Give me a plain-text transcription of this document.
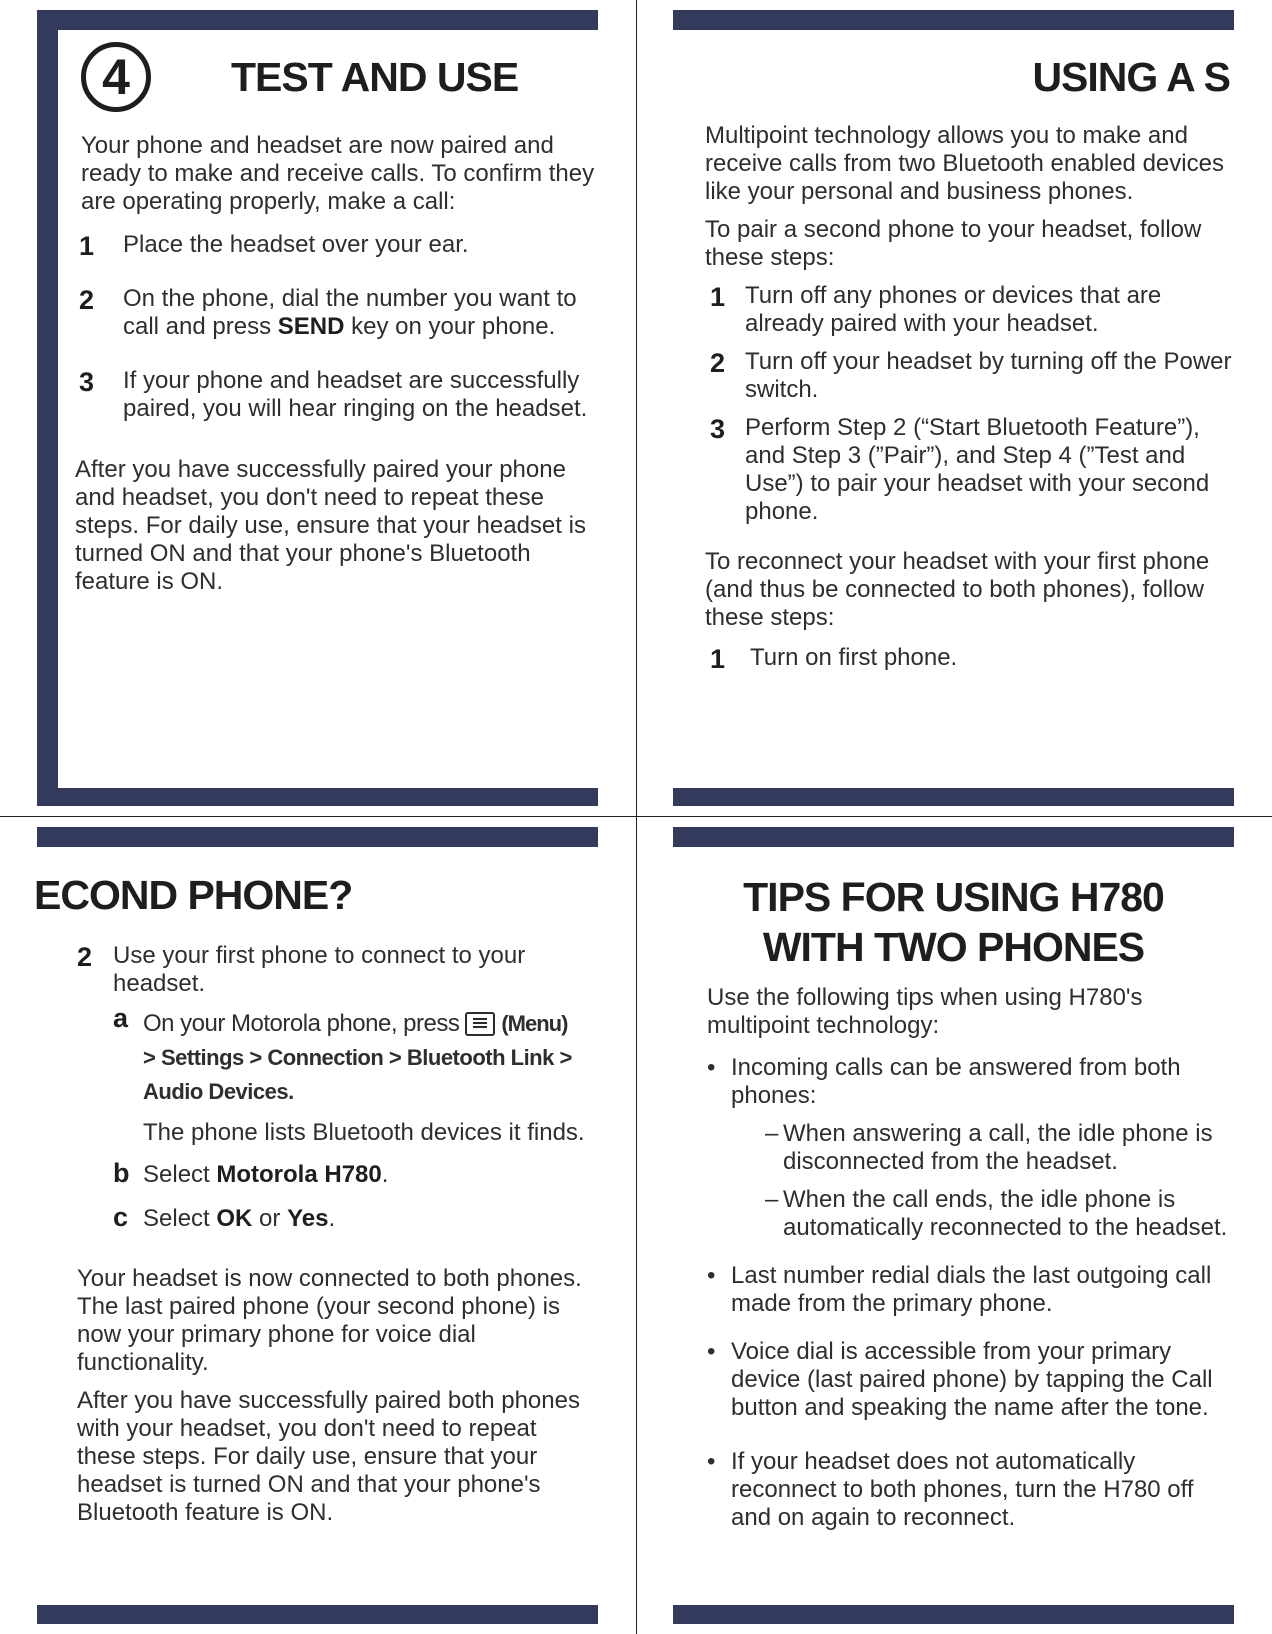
4	TEST AND USE
Your phone and headset are now paired and ready to make and receive calls. To confirm they are operating properly, make a call:
1 Place the headset over your ear.
2 On the phone, dial the number you want to call and press SEND key on your phone.
3 If your phone and headset are successfully paired, you will hear ringing on the headset.
After you have successfully paired your phone and headset, you don't need to repeat these steps. For daily use, ensure that your headset is turned ON and that your phone's Bluetooth feature is ON.
USING A S

Multipoint technology allows you to make and receive calls from two Bluetooth enabled devices like your personal and business phones.

To pair a second phone to your headset, follow these steps:

1 Turn off any phones or devices that are already paired with your headset.
2 Turn off your headset by turning off the Power switch.
3 Perform Step 2 (“Start Bluetooth Feature”), and Step 3 (”Pair”), and Step 4 (”Test and Use”) to pair your headset with your second phone.

To reconnect your headset with your first phone (and thus be connected to both phones), follow these steps:

1 Turn on first phone.
ECOND PHONE?
2 Use your first phone to connect to your headset.
a On your Motorola phone, press (Menu)
> Settings > Connection > Bluetooth Link >
Audio Devices.
The phone lists Bluetooth devices it finds.
b Select Motorola H780.
c Select OK or Yes.

Your headset is now connected to both phones. The last paired phone (your second phone) is now your primary phone for voice dial functionality.

After you have successfully paired both phones with your headset, you don't need to repeat these steps. For daily use, ensure that your headset is turned ON and that your phone's Bluetooth feature is ON.

TIPS FOR USING H780
WITH TWO PHONES

Use the following tips when using H780's multipoint technology:

• Incoming calls can be answered from both phones:
– When answering a call, the idle phone is disconnected from the headset.
– When the call ends, the idle phone is automatically reconnected to the headset.
• Last number redial dials the last outgoing call made from the primary phone.
• Voice dial is accessible from your primary device (last paired phone) by tapping the Call button and speaking the name after the tone.
• If your headset does not automatically reconnect to both phones, turn the H780 off and on again to reconnect.
